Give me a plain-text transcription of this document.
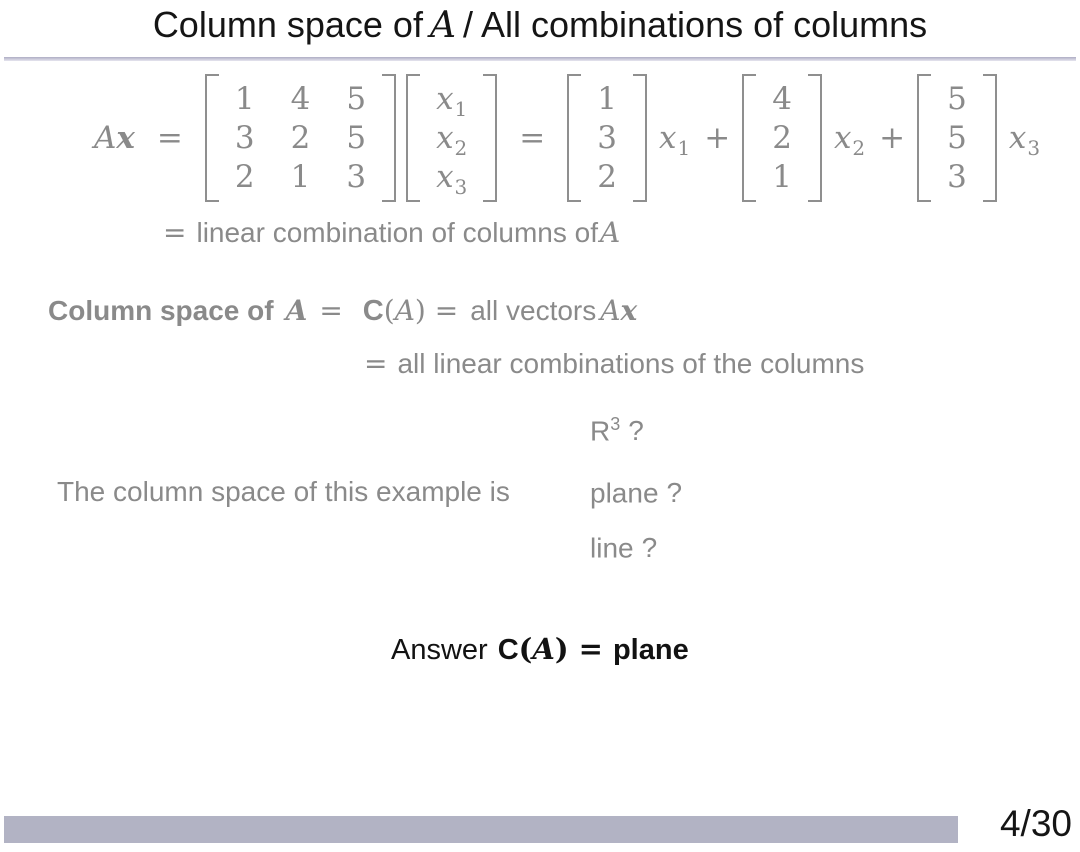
Column space of A / All combinations of columns
Ax =
1 4 5
3 2 5
2 1 3
$x_1$
$x_2$
$x_3$
=
1
3
2
$x_1$ +
4
2
1
$x_2$ +
5
5
3
$x_3$
= linear combination of columns ofA
Column space of A = C(A) = all vectors Ax
= all linear combinations of the columns
The column space of this example is
$R^3$ ?
plane ?
line ?
Answer C(A) = plane
4/30
